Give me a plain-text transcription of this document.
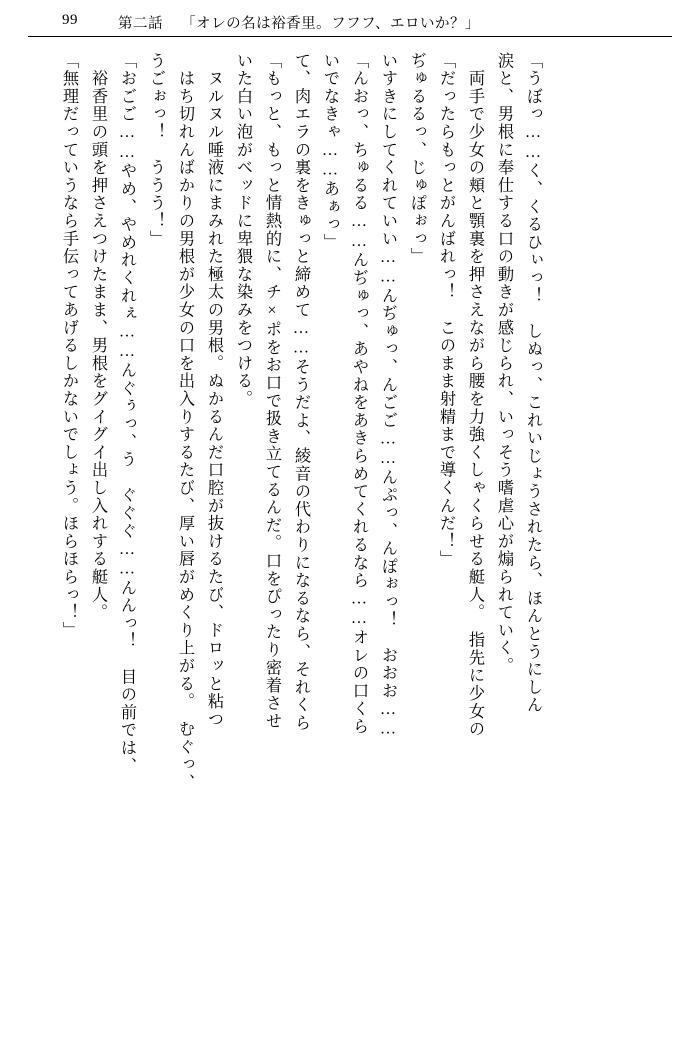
99	第二話 「オレの名は裕香里。フフフ、エロいか？」
「無理だっていうなら手伝ってあげるしかないでしょう。ほらほらっ！」 　裕香里の頭を押さえつけたまま、男根をグイグイ出し入れする艇人。 「おごご……やめ、やめれくれぇ……んぐぅっ、う　ぐぐぐ……んんっ！　目の前では、 うごぉっ！　ううう！」 　はち切れんばかりの男根が少女の口を出入りするたび、厚い唇がめくり上がる。　むぐっ、 　ヌルヌル唾液にまみれた極太の男根。ぬかるんだ口腔が抜けるたび、ドロッと粘つ いた白い泡がベッドに卑猥な染みをつける。 「もっと、もっと情熱的に、チ×ポをお口で扱き立てるんだ。口をぴったり密着させ て、肉エラの裏をきゅっと締めて……そうだよ、綾音の代わりになるなら、それくら いでなきゃ……あぁっ」 「んおっ、ちゅるる……んぢゅっ、あやねをあきらめてくれるなら……オレの口くら いすきにしてくれていい……んぢゅっ、んごご……んぷっ、んぽぉっ！　おおお…… ぢゅるるっ、じゅぽぉっ」 「だったらもっとがんばれっ！　このまま射精まで導くんだ！」 　両手で少女の頬と顎裏を押さえながら腰を力強くしゃくらせる艇人。　指先に少女の 涙と、男根に奉仕する口の動きが感じられ、いっそう嗜虐心が煽られていく。 「うぼっ……く、くるひぃっ！　しぬっ、これいじょうされたら、ほんとうにしん
